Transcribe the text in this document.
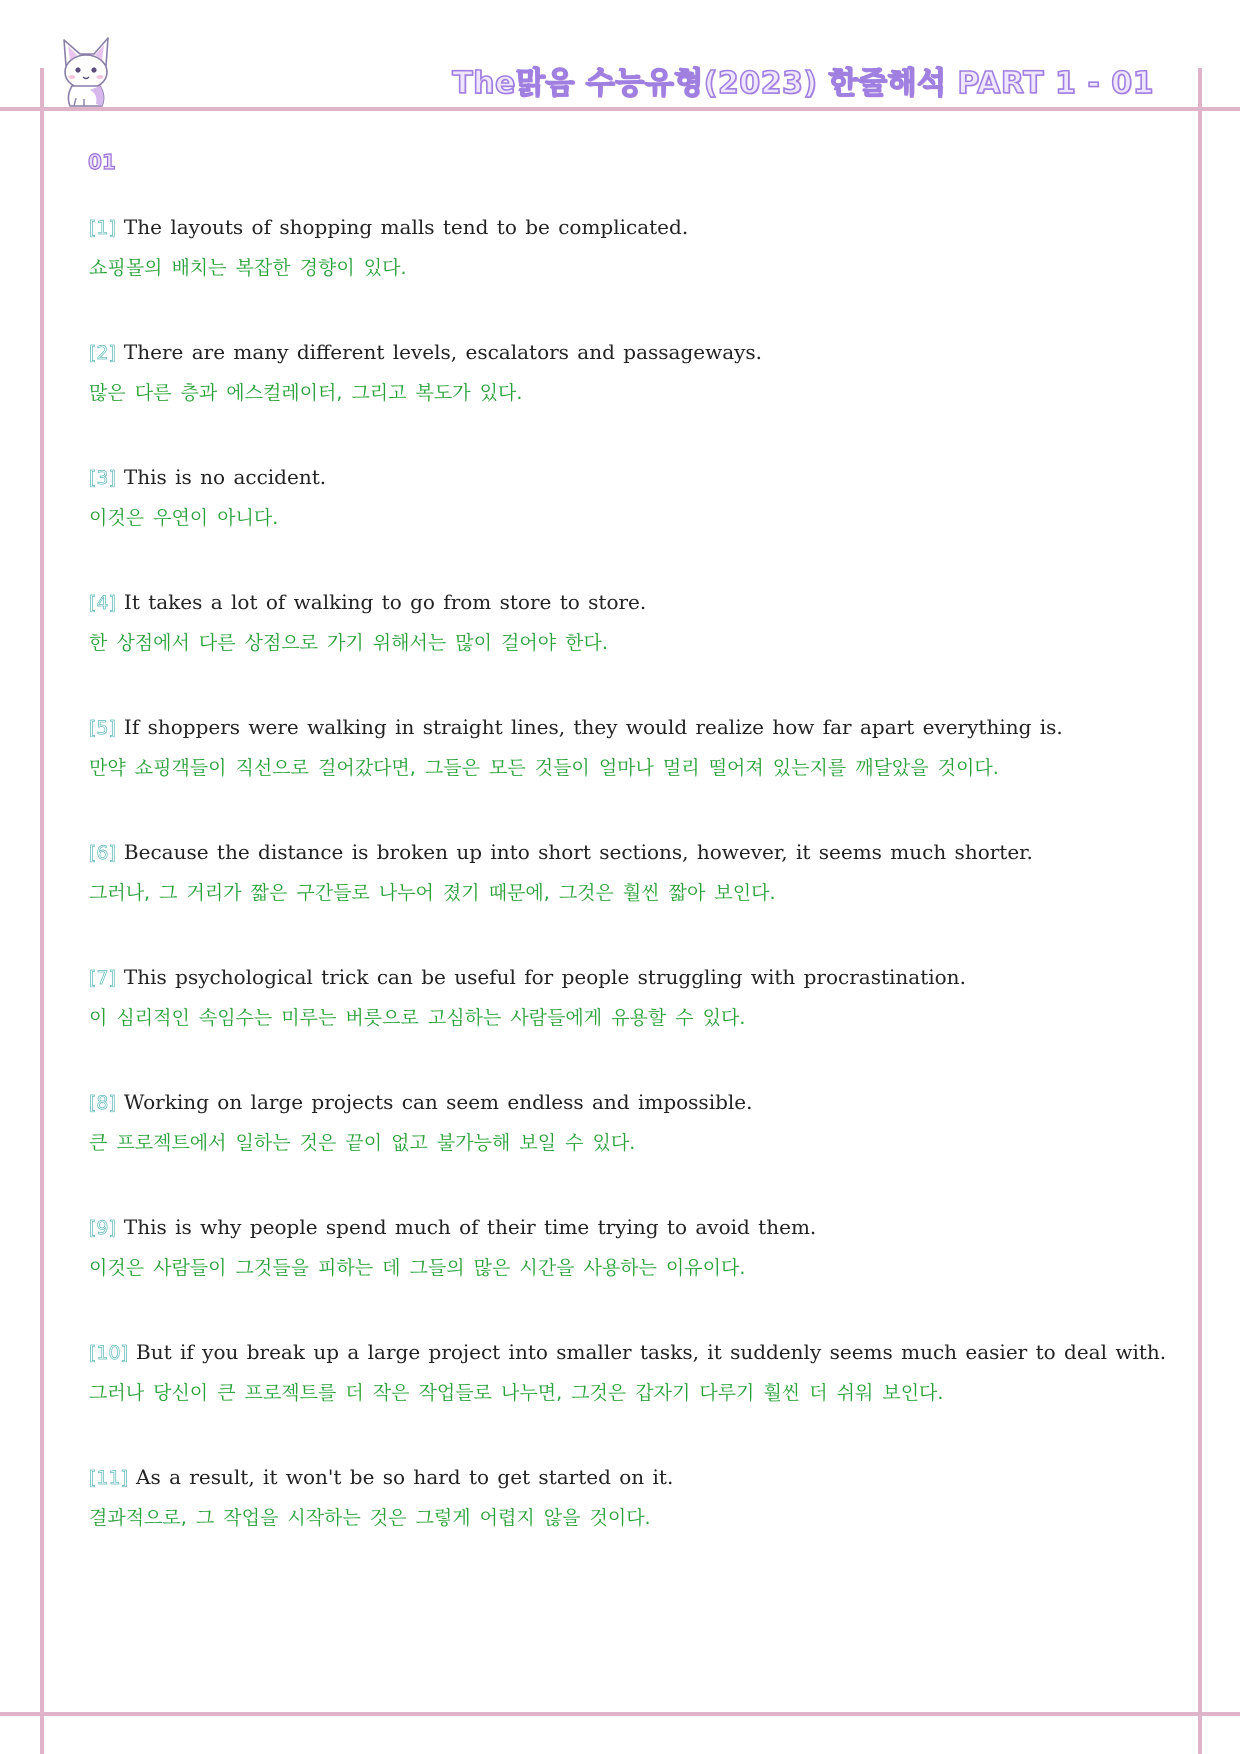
The맑음 수능유형(2023) 한줄해석 PART 1 - 01
01
[1] The layouts of shopping malls tend to be complicated.
쇼핑몰의 배치는 복잡한 경향이 있다.
[2] There are many different levels, escalators and passageways.
많은 다른 층과 에스컬레이터, 그리고 복도가 있다.
[3] This is no accident.
이것은 우연이 아니다.
[4] It takes a lot of walking to go from store to store.
한 상점에서 다른 상점으로 가기 위해서는 많이 걸어야 한다.
[5] If shoppers were walking in straight lines, they would realize how far apart everything is.
만약 쇼핑객들이 직선으로 걸어갔다면, 그들은 모든 것들이 얼마나 멀리 떨어져 있는지를 깨달았을 것이다.
[6] Because the distance is broken up into short sections, however, it seems much shorter.
그러나, 그 거리가 짧은 구간들로 나누어 졌기 때문에, 그것은 훨씬 짧아 보인다.
[7] This psychological trick can be useful for people struggling with procrastination.
이 심리적인 속임수는 미루는 버릇으로 고심하는 사람들에게 유용할 수 있다.
[8] Working on large projects can seem endless and impossible.
큰 프로젝트에서 일하는 것은 끝이 없고 불가능해 보일 수 있다.
[9] This is why people spend much of their time trying to avoid them.
이것은 사람들이 그것들을 피하는 데 그들의 많은 시간을 사용하는 이유이다.
[10] But if you break up a large project into smaller tasks, it suddenly seems much easier to deal with.
그러나 당신이 큰 프로젝트를 더 작은 작업들로 나누면, 그것은 갑자기 다루기 훨씬 더 쉬워 보인다.
[11] As a result, it won't be so hard to get started on it.
결과적으로, 그 작업을 시작하는 것은 그렇게 어렵지 않을 것이다.
